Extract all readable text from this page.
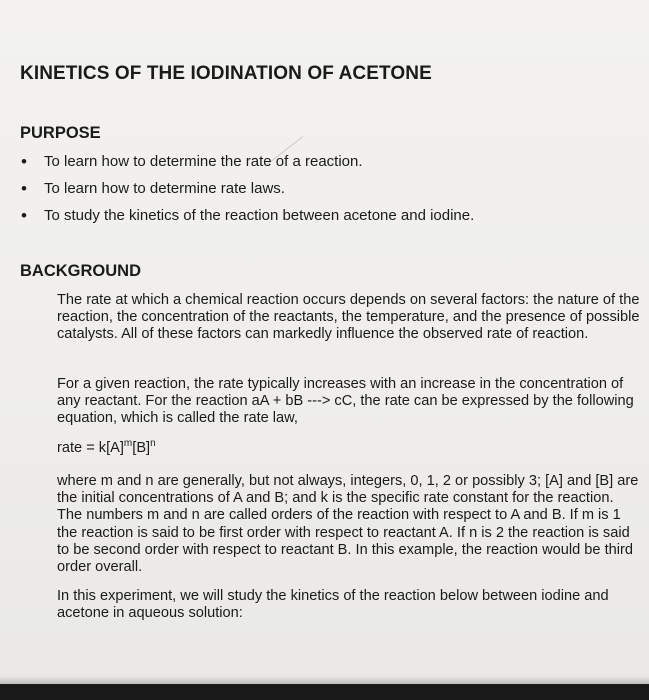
KINETICS OF THE IODINATION OF ACETONE
PURPOSE
• To learn how to determine the rate of a reaction.
• To learn how to determine rate laws.
• To study the kinetics of the reaction between acetone and iodine.
BACKGROUND
The rate at which a chemical reaction occurs depends on several factors: the nature of the reaction, the concentration of the reactants, the temperature, and the presence of possible catalysts. All of these factors can markedly influence the observed rate of reaction.
For a given reaction, the rate typically increases with an increase in the concentration of any reactant. For the reaction aA + bB ---> cC, the rate can be expressed by the following equation, which is called the rate law,
rate = $k[A]^m[B]^n$
where m and n are generally, but not always, integers, 0, 1, 2 or possibly 3; [A] and [B] are the initial concentrations of A and B; and k is the specific rate constant for the reaction. The numbers m and n are called orders of the reaction with respect to A and B. If m is 1 the reaction is said to be first order with respect to reactant A. If n is 2 the reaction is said to be second order with respect to reactant B. In this example, the reaction would be third order overall.
In this experiment, we will study the kinetics of the reaction below between iodine and acetone in aqueous solution:
